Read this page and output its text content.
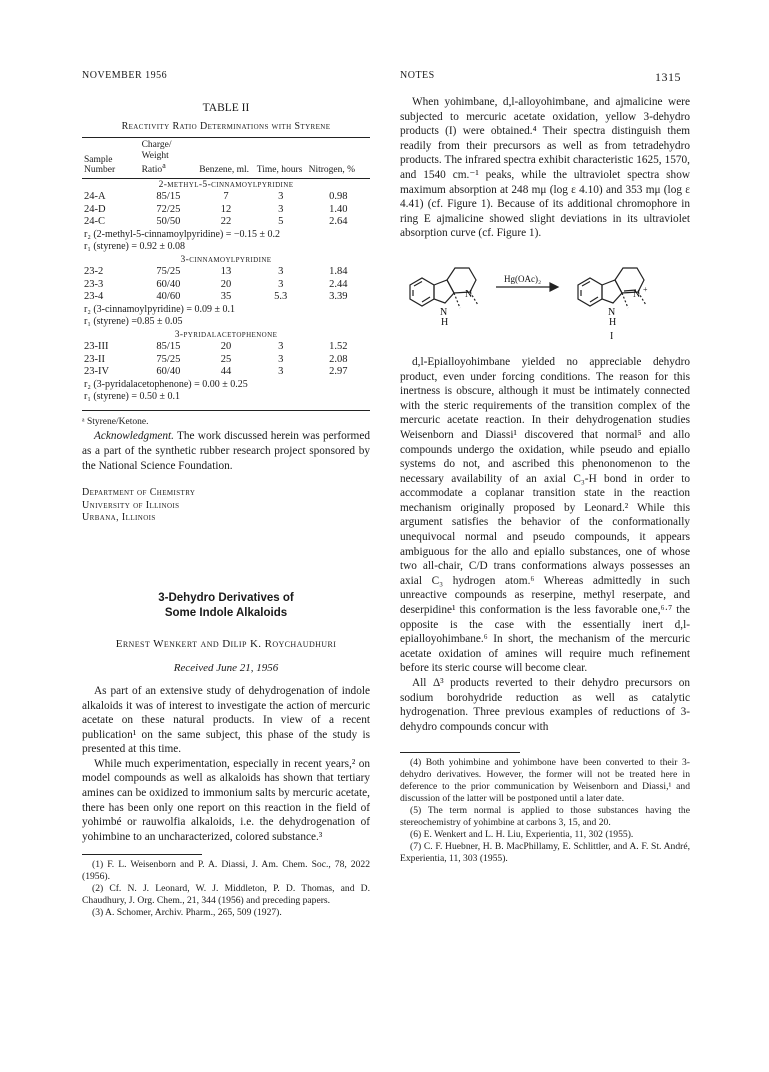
NOVEMBER 1956	NOTES	1315
TABLE II
Reactivity Ratio Determinations with Styrene
Sample Number	Charge/ Weight Ratio$^a$	Benzene, ml.	Time, hours	Nitrogen, %
2-methyl-5-cinnamoylpyridine				
24-A	85/15	7	3	0.98
24-D	72/25	12	3	1.40
24-C	50/50	22	5	2.64
r₂ (2-methyl-5-cinnamoylpyridine) = −0.15 ± 0.2				
r₁ (styrene) = 0.92 ± 0.08				
3-cinnamoylpyridine				
23-2	75/25	13	3	1.84
23-3	60/40	20	3	2.44
23-4	40/60	35	5.3	3.39
r₂ (3-cinnamoylpyridine) = 0.09 ± 0.1				
r₁ (styrene) =0.85 ± 0.05				
3-pyridalacetophenone				
23-III	85/15	20	3	1.52
23-II	75/25	25	3	2.08
23-IV	60/40	44	3	2.97
r₂ (3-pyridalacetophenone) = 0.00 ± 0.25				
r₁ (styrene) = 0.50 ± 0.1				
ᵃ Styrene/Ketone.

Acknowledgment. The work discussed herein was performed as a part of the synthetic rubber research project sponsored by the National Science Foundation.

Department of Chemistry
University of Illinois
Urbana, Illinois
3-Dehydro Derivatives of
Some Indole Alkaloids
Ernest Wenkert and Dilip K. Roychaudhuri
Received June 21, 1956

As part of an extensive study of dehydrogenation of indole alkaloids it was of interest to investigate the action of mercuric acetate on these natural products. In view of a recent publication¹ on the same subject, this phase of the study is presented at this time.

While much experimentation, especially in recent years,² on model compounds as well as alkaloids has shown that tertiary amines can be oxidized to immonium salts by mercuric acetate, there has been only one report on this reaction in the field of yohimbé or rauwolfia alkaloids, i.e. the dehydrogenation of yohimbine to an uncharacterized, colored substance.³

(1) F. L. Weisenborn and P. A. Diassi, J. Am. Chem. Soc., 78, 2022 (1956).

(2) Cf. N. J. Leonard, W. J. Middleton, P. D. Thomas, and D. Chaudhury, J. Org. Chem., 21, 344 (1956) and preceding papers.

(3) A. Schomer, Archiv. Pharm., 265, 509 (1927).

When yohimbane, d,l-alloyohimbane, and ajmalicine were subjected to mercuric acetate oxidation, yellow 3-dehydro products (I) were obtained.⁴ Their spectra distinguish them readily from their precursors as well as from tetradehydro products. The infrared spectra exhibit characteristic 1625, 1570, and 1540 cm.⁻¹ peaks, while the ultraviolet spectra show maximum absorption at 248 mμ (log ε 4.10) and 353 mμ (log ε 4.41) (cf. Figure 1). Because of its additional chromophore in ring E ajmalicine showed slight deviations in its ultraviolet absorption curve (cf. Figure 1).

N
H
N
Hg(OAc)₂
N
H
N +
I

d,l-Epialloyohimbane yielded no appreciable dehydro product, even under forcing conditions. The reason for this inertness is obscure, although it must be intimately connected with the steric requirements of the transition complex of the mercuric acetate reaction. In their dehydrogenation studies Weisenborn and Diassi¹ discovered that normal⁵ and allo compounds undergo the oxidation, while pseudo and epiallo systems do not, and ascribed this phenonomenon to the necessary availability of an axial C₃-H bond in order to accommodate a coplanar transition state in the reaction mechanism originally proposed by Leonard.² While this argument satisfies the behavior of the conformationally unequivocal normal and pseudo compounds, it appears ambiguous for the allo and epiallo substances, one of whose two all-chair, C/D trans conformations always possesses an axial C₃ hydrogen atom.⁶ Whereas admittedly in such unreactive compounds as reserpine, methyl reserpate, and deserpidine¹ this conformation is the less favorable one,⁶·⁷ the opposite is the case with the essentially inert d,l-epialloyohimbane.⁶ In short, the mechanism of the mercuric acetate oxidation of amines will require much refinement before its steric course will become clear.

All Δ³ products reverted to their dehydro precursors on sodium borohydride reduction as well as catalytic hydrogenation. Three previous examples of reductions of 3-dehydro compounds concur with

(4) Both yohimbine and yohimbone have been converted to their 3-dehydro derivatives. However, the former will not be treated here in deference to the prior communication by Weisenborn and Diassi,¹ and discussion of the latter will be postponed until a later date.

(5) The term normal is applied to those substances having the stereochemistry of yohimbine at carbons 3, 15, and 20.

(6) E. Wenkert and L. H. Liu, Experientia, 11, 302 (1955).

(7) C. F. Huebner, H. B. MacPhillamy, E. Schlittler, and A. F. St. André, Experientia, 11, 303 (1955).
